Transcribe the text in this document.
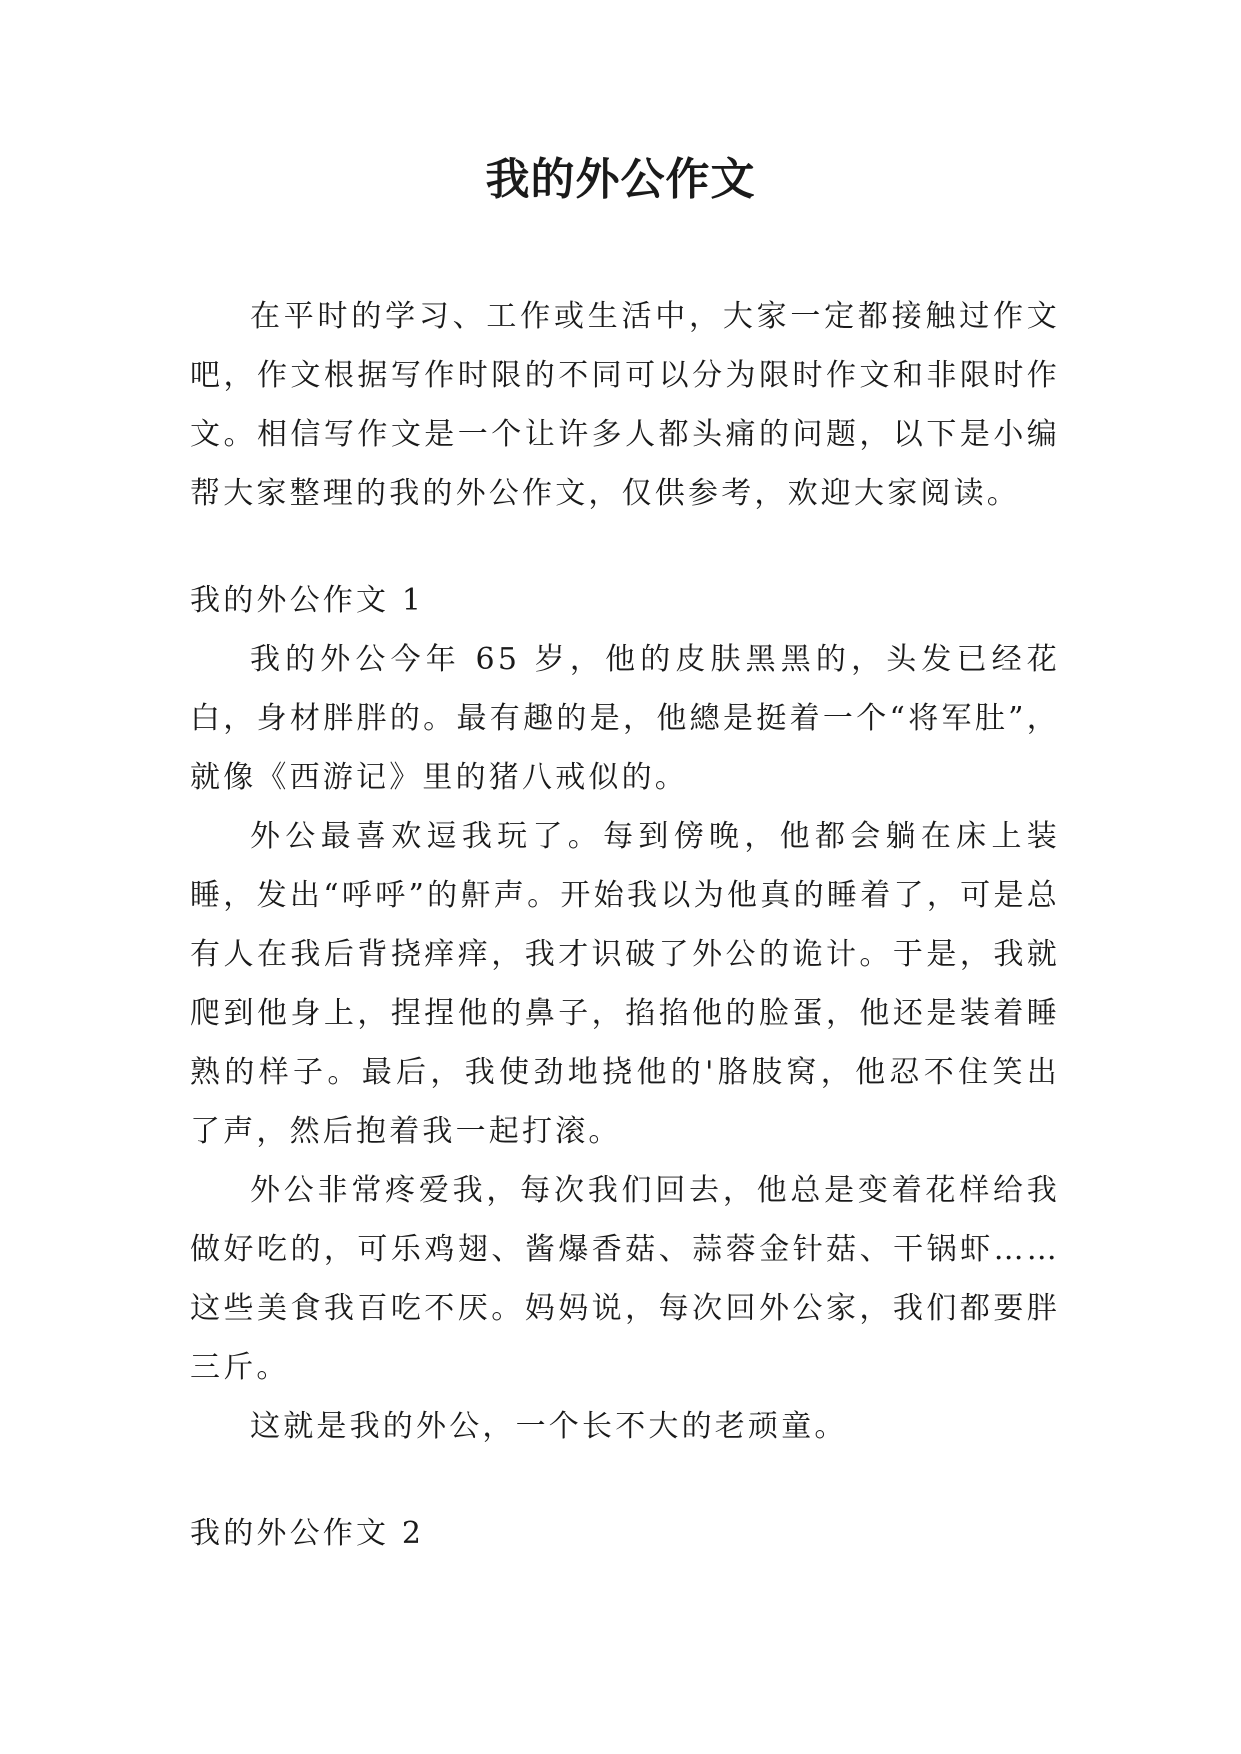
我的外公作文

在平时的学习、工作或生活中，大家一定都接触过作文吧，作文根据写作时限的不同可以分为限时作文和非限时作文。相信写作文是一个让许多人都头痛的问题，以下是小编帮大家整理的我的外公作文，仅供参考，欢迎大家阅读。

我的外公作文 1

我的外公今年 65 岁，他的皮肤黑黑的，头发已经花白，身材胖胖的。最有趣的是，他總是挺着一个“将军肚”，就像《西游记》里的猪八戒似的。

外公最喜欢逗我玩了。每到傍晚，他都会躺在床上装睡，发出“呼呼”的鼾声。开始我以为他真的睡着了，可是总有人在我后背挠痒痒，我才识破了外公的诡计。于是，我就爬到他身上，捏捏他的鼻子，掐掐他的脸蛋，他还是装着睡熟的样子。最后，我使劲地挠他的'胳肢窝，他忍不住笑出了声，然后抱着我一起打滚。

外公非常疼爱我，每次我们回去，他总是变着花样给我做好吃的，可乐鸡翅、酱爆香菇、蒜蓉金针菇、干锅虾……这些美食我百吃不厌。妈妈说，每次回外公家，我们都要胖三斤。

这就是我的外公，一个长不大的老顽童。

我的外公作文 2
